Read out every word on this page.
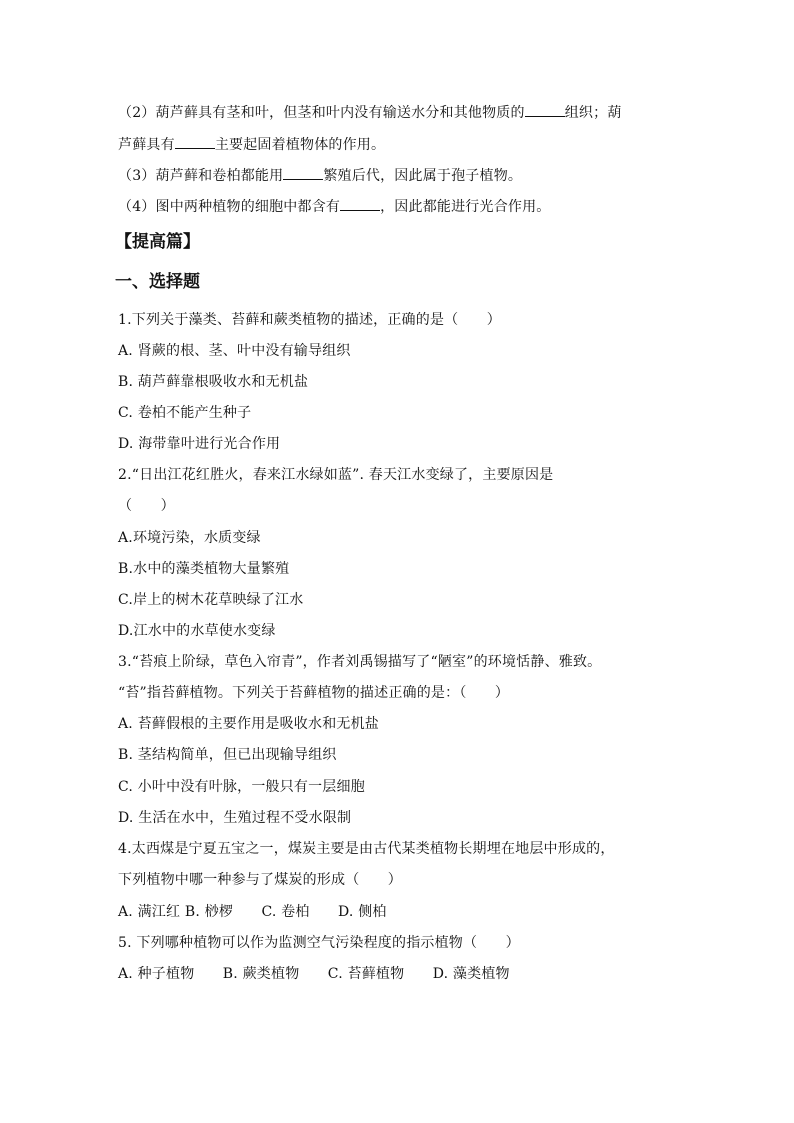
（2）葫芦藓具有茎和叶，但茎和叶内没有输送水分和其他物质的	组织；葫
芦藓具有	主要起固着植物体的作用。
（3）葫芦藓和卷柏都能用	繁殖后代，因此属于孢子植物。
（4）图中两种植物的细胞中都含有	，因此都能进行光合作用。
【提高篇】
一、选择题
1.下列关于藻类、苔藓和蕨类植物的描述，正确的是（　　）
A. 肾蕨的根、茎、叶中没有输导组织
B. 葫芦藓靠根吸收水和无机盐
C. 卷柏不能产生种子
D. 海带靠叶进行光合作用
2.“日出江花红胜火，春来江水绿如蓝”. 春天江水变绿了，主要原因是
（　　）
A.环境污染，水质变绿
B.水中的藻类植物大量繁殖
C.岸上的树木花草映绿了江水
D.江水中的水草使水变绿
3.“苔痕上阶绿，草色入帘青”，作者刘禹锡描写了“陋室”的环境恬静、雅致。
“苔”指苔藓植物。下列关于苔藓植物的描述正确的是：（　　）
A. 苔藓假根的主要作用是吸收水和无机盐
B. 茎结构简单，但已出现输导组织
C. 小叶中没有叶脉，一般只有一层细胞
D. 生活在水中，生殖过程不受水限制
4.太西煤是宁夏五宝之一，煤炭主要是由古代某类植物长期埋在地层中形成的，
下列植物中哪一种参与了煤炭的形成（　　）
A. 满江红 B. 桫椤　　C. 卷柏　　D. 侧柏
5. 下列哪种植物可以作为监测空气污染程度的指示植物（　　）
A. 种子植物　　B. 蕨类植物　　C. 苔藓植物　　D. 藻类植物
